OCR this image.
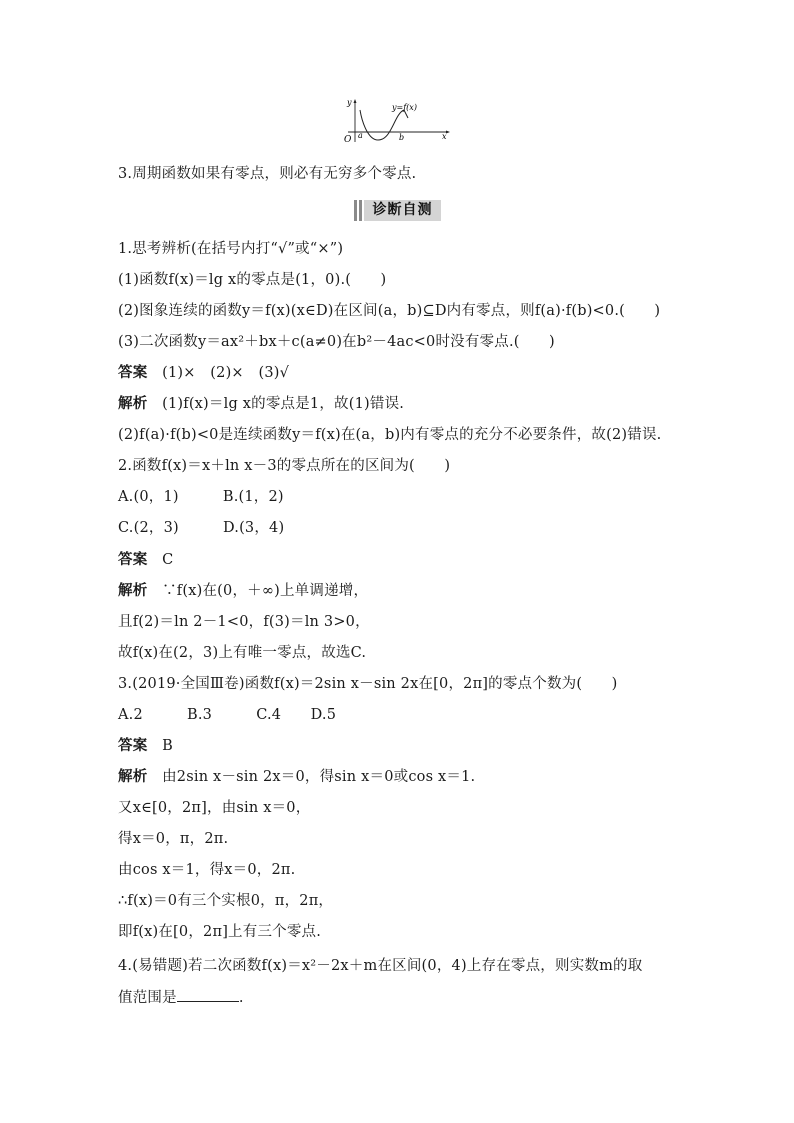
y
x
O a	b
y=f(x)
3.周期函数如果有零点，则必有无穷多个零点.
诊断自测
1.思考辨析(在括号内打“√”或“×”)
(1)函数f(x)＝lg x的零点是(1，0).(　　)
(2)图象连续的函数y＝f(x)(x∈D)在区间(a，b)⊆D内有零点，则f(a)·f(b)<0.(　　)
(3)二次函数y＝ax²＋bx＋c(a≠0)在b²－4ac<0时没有零点.(　　)
答案　 (1)×　(2)×　(3)√
解析　 (1)f(x)＝lg x的零点是1，故(1)错误.
(2)f(a)·f(b)<0是连续函数y＝f(x)在(a，b)内有零点的充分不必要条件，故(2)错误.
2.函数f(x)＝x＋ln x－3的零点所在的区间为(　　)
A.(0，1)　　　B.(1，2)
C.(2，3)　　　D.(3，4)
答案　 C
解析　 ∵f(x)在(0，＋∞)上单调递增，
且f(2)＝ln 2－1<0，f(3)＝ln 3>0，
故f(x)在(2，3)上有唯一零点，故选C.
3.(2019·全国Ⅲ卷)函数f(x)＝2sin x－sin 2x在[0，2π]的零点个数为(　　)
A.2　　　B.3　　　C.4　　D.5
答案　 B
解析　 由2sin x－sin 2x＝0，得sin x＝0或cos x＝1.
又x∈[0，2π]，由sin x＝0，
得x＝0，π，2π.
由cos x＝1，得x＝0，2π.
∴f(x)＝0有三个实根0，π，2π，
即f(x)在[0，2π]上有三个零点.
4.(易错题)若二次函数f(x)＝x²－2x＋m在区间(0，4)上存在零点，则实数m的取
值范围是	.
